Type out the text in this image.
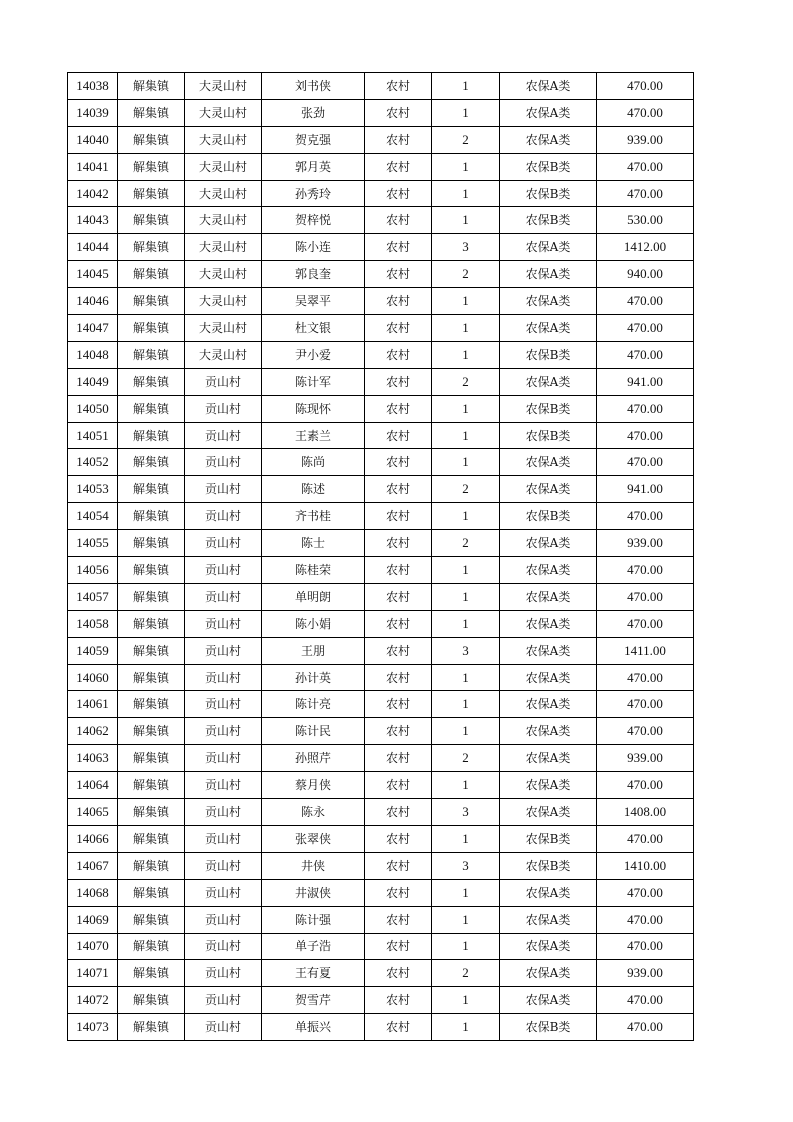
14038	解集镇	大灵山村	刘书侠	农村	1	农保A类	470.00
14039	解集镇	大灵山村	张劲	农村	1	农保A类	470.00
14040	解集镇	大灵山村	贺克强	农村	2	农保A类	939.00
14041	解集镇	大灵山村	郭月英	农村	1	农保B类	470.00
14042	解集镇	大灵山村	孙秀玲	农村	1	农保B类	470.00
14043	解集镇	大灵山村	贺梓悦	农村	1	农保B类	530.00
14044	解集镇	大灵山村	陈小连	农村	3	农保A类	1412.00
14045	解集镇	大灵山村	郭良奎	农村	2	农保A类	940.00
14046	解集镇	大灵山村	吴翠平	农村	1	农保A类	470.00
14047	解集镇	大灵山村	杜文银	农村	1	农保A类	470.00
14048	解集镇	大灵山村	尹小爱	农村	1	农保B类	470.00
14049	解集镇	贡山村	陈计军	农村	2	农保A类	941.00
14050	解集镇	贡山村	陈现怀	农村	1	农保B类	470.00
14051	解集镇	贡山村	王素兰	农村	1	农保B类	470.00
14052	解集镇	贡山村	陈尚	农村	1	农保A类	470.00
14053	解集镇	贡山村	陈述	农村	2	农保A类	941.00
14054	解集镇	贡山村	齐书桂	农村	1	农保B类	470.00
14055	解集镇	贡山村	陈士	农村	2	农保A类	939.00
14056	解集镇	贡山村	陈桂荣	农村	1	农保A类	470.00
14057	解集镇	贡山村	单明朗	农村	1	农保A类	470.00
14058	解集镇	贡山村	陈小娟	农村	1	农保A类	470.00
14059	解集镇	贡山村	王朋	农村	3	农保A类	1411.00
14060	解集镇	贡山村	孙计英	农村	1	农保A类	470.00
14061	解集镇	贡山村	陈计亮	农村	1	农保A类	470.00
14062	解集镇	贡山村	陈计民	农村	1	农保A类	470.00
14063	解集镇	贡山村	孙照芹	农村	2	农保A类	939.00
14064	解集镇	贡山村	蔡月侠	农村	1	农保A类	470.00
14065	解集镇	贡山村	陈永	农村	3	农保A类	1408.00
14066	解集镇	贡山村	张翠侠	农村	1	农保B类	470.00
14067	解集镇	贡山村	井侠	农村	3	农保B类	1410.00
14068	解集镇	贡山村	井淑侠	农村	1	农保A类	470.00
14069	解集镇	贡山村	陈计强	农村	1	农保A类	470.00
14070	解集镇	贡山村	单子浩	农村	1	农保A类	470.00
14071	解集镇	贡山村	王有夏	农村	2	农保A类	939.00
14072	解集镇	贡山村	贺雪芹	农村	1	农保A类	470.00
14073	解集镇	贡山村	单振兴	农村	1	农保B类	470.00
